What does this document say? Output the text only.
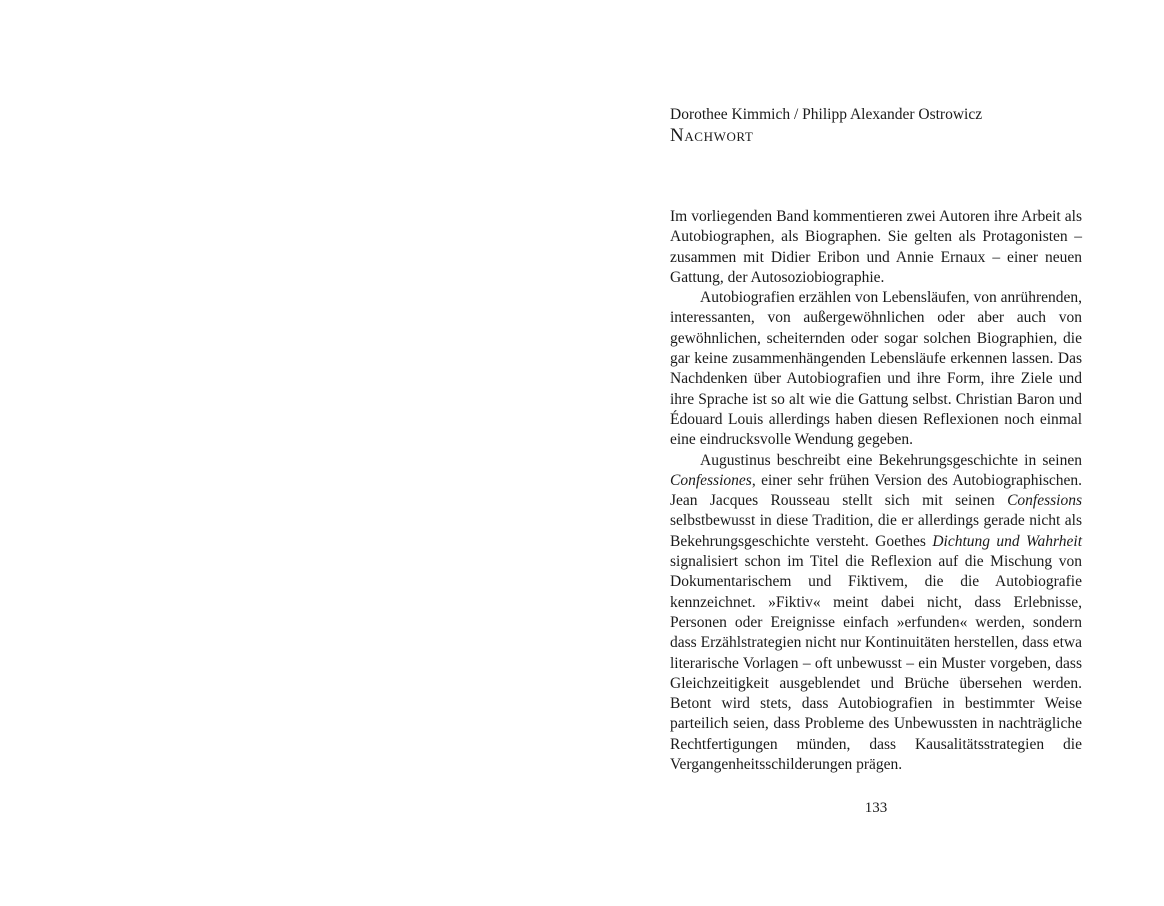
Dorothee Kimmich / Philipp Alexander Ostrowicz
Nachwort

Im vorliegenden Band kommentieren zwei Autoren ihre Arbeit als Autobiographen, als Biographen. Sie gelten als Protagonisten – zusammen mit Didier Eribon und Annie Ernaux – einer neuen Gattung, der Autosoziobiographie.

Autobiografien erzählen von Lebensläufen, von anrührenden, interessanten, von außergewöhnlichen oder aber auch von gewöhnlichen, scheiternden oder sogar solchen Biographien, die gar keine zusammenhängenden Lebensläufe erkennen lassen. Das Nachdenken über Autobiografien und ihre Form, ihre Ziele und ihre Sprache ist so alt wie die Gattung selbst. Christian Baron und Édouard Louis allerdings haben diesen Reflexionen noch einmal eine eindrucksvolle Wendung gegeben.

Augustinus beschreibt eine Bekehrungsgeschichte in seinen Confessiones, einer sehr frühen Version des Autobiographischen. Jean Jacques Rousseau stellt sich mit seinen Confessions selbstbewusst in diese Tradition, die er allerdings gerade nicht als Bekehrungsgeschichte versteht. Goethes Dichtung und Wahrheit signalisiert schon im Titel die Reflexion auf die Mischung von Dokumentarischem und Fiktivem, die die Autobiografie kennzeichnet. »Fiktiv« meint dabei nicht, dass Erlebnisse, Personen oder Ereignisse einfach »erfunden« werden, sondern dass Erzählstrategien nicht nur Kontinuitäten herstellen, dass etwa literarische Vorlagen – oft unbewusst – ein Muster vorgeben, dass Gleichzeitigkeit ausgeblendet und Brüche übersehen werden. Betont wird stets, dass Autobiografien in bestimmter Weise parteilich seien, dass Probleme des Unbewussten in nachträgliche Rechtfertigungen münden, dass Kausalitätsstrategien die Vergangenheitsschilderungen prägen.

133
